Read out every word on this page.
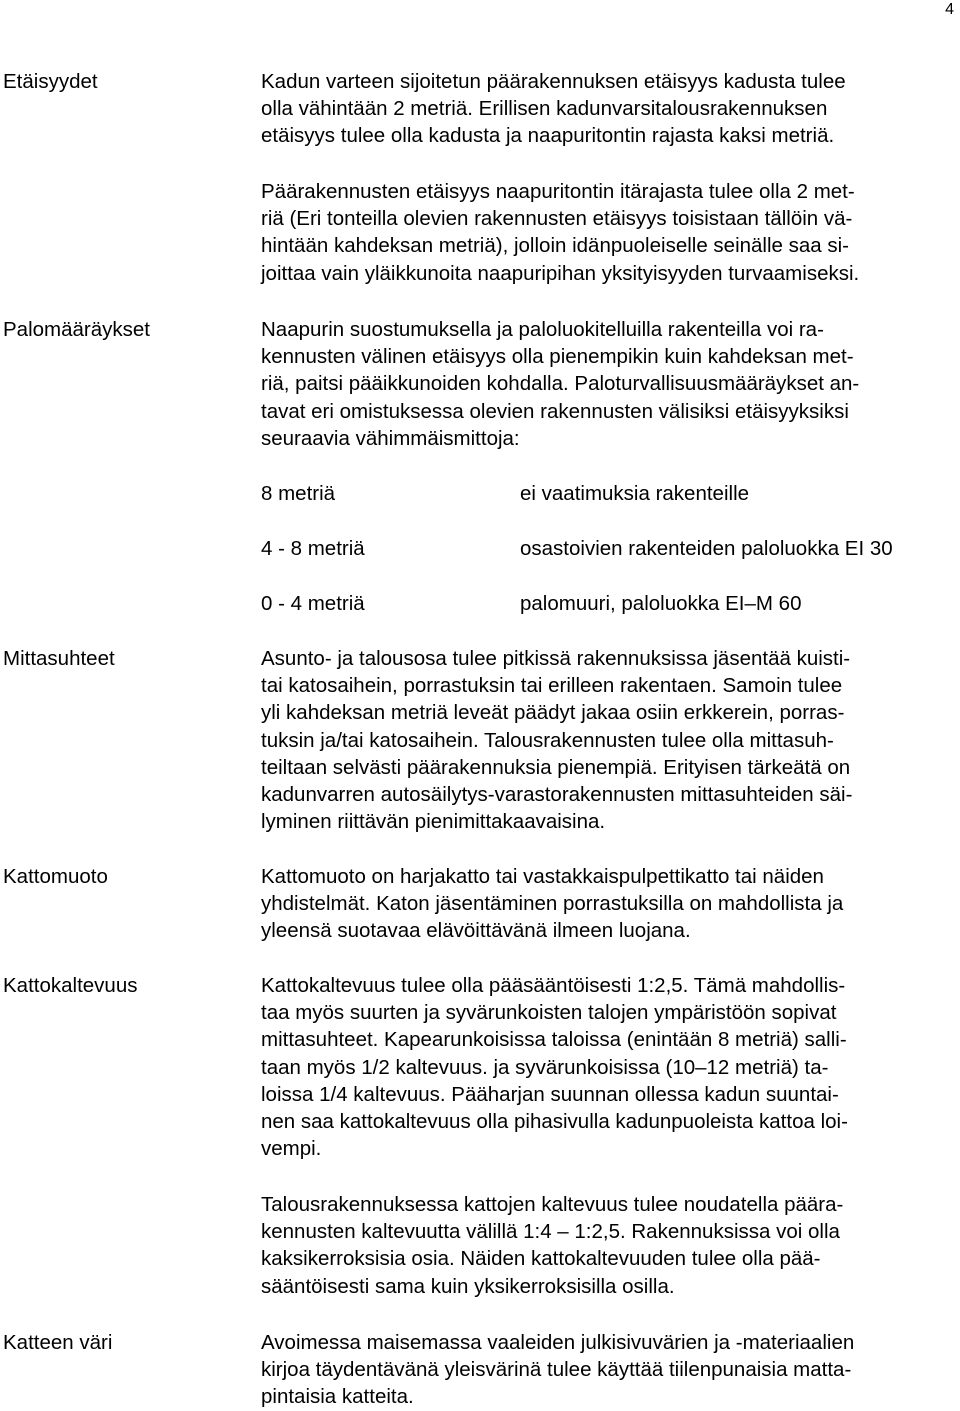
4
Etäisyydet	Kadun varteen sijoitetun päärakennuksen etäisyys kadusta tulee
olla vähintään 2 metriä. Erillisen kadunvarsitalousrakennuksen
etäisyys tulee olla kadusta ja naapuritontin rajasta kaksi metriä.
Päärakennusten etäisyys naapuritontin itärajasta tulee olla 2 met-
riä (Eri tonteilla olevien rakennusten etäisyys toisistaan tällöin vä-
hintään kahdeksan metriä), jolloin idänpuoleiselle seinälle saa si-
joittaa vain yläikkunoita naapuripihan yksityisyyden turvaamiseksi.
Palomääräykset	Naapurin suostumuksella ja paloluokitelluilla rakenteilla voi ra-
kennusten välinen etäisyys olla pienempikin kuin kahdeksan met-
riä, paitsi pääikkunoiden kohdalla. Paloturvallisuusmääräykset an-
tavat eri omistuksessa olevien rakennusten välisiksi etäisyyksiksi
seuraavia vähimmäismittoja:
8 metriä	ei vaatimuksia rakenteille
4 - 8 metriä	osastoivien rakenteiden paloluokka EI 30
0 - 4 metriä	palomuuri, paloluokka EI–M 60
Mittasuhteet	Asunto- ja talousosa tulee pitkissä rakennuksissa jäsentää kuisti-
tai katosaihein, porrastuksin tai erilleen rakentaen. Samoin tulee
yli kahdeksan metriä leveät päädyt jakaa osiin erkkerein, porras-
tuksin ja/tai katosaihein. Talousrakennusten tulee olla mittasuh-
teiltaan selvästi päärakennuksia pienempiä. Erityisen tärkeätä on
kadunvarren autosäilytys-varastorakennusten mittasuhteiden säi-
lyminen riittävän pienimittakaavaisina.
Kattomuoto	Kattomuoto on harjakatto tai vastakkaispulpettikatto tai näiden
yhdistelmät. Katon jäsentäminen porrastuksilla on mahdollista ja
yleensä suotavaa elävöittävänä ilmeen luojana.
Kattokaltevuus	Kattokaltevuus tulee olla pääsääntöisesti 1:2,5. Tämä mahdollis-
taa myös suurten ja syvärunkoisten talojen ympäristöön sopivat
mittasuhteet. Kapearunkoisissa taloissa (enintään 8 metriä) salli-
taan myös 1/2 kaltevuus. ja syvärunkoisissa (10–12 metriä) ta-
loissa 1/4 kaltevuus. Pääharjan suunnan ollessa kadun suuntai-
nen saa kattokaltevuus olla pihasivulla kadunpuoleista kattoa loi-
vempi.
Talousrakennuksessa kattojen kaltevuus tulee noudatella päära-
kennusten kaltevuutta välillä 1:4 – 1:2,5. Rakennuksissa voi olla
kaksikerroksisia osia. Näiden kattokaltevuuden tulee olla pää-
sääntöisesti sama kuin yksikerroksisilla osilla.
Katteen väri	Avoimessa maisemassa vaaleiden julkisivuvärien ja -materiaalien
kirjoa täydentävänä yleisvärinä tulee käyttää tiilenpunaisia matta-
pintaisia katteita.
